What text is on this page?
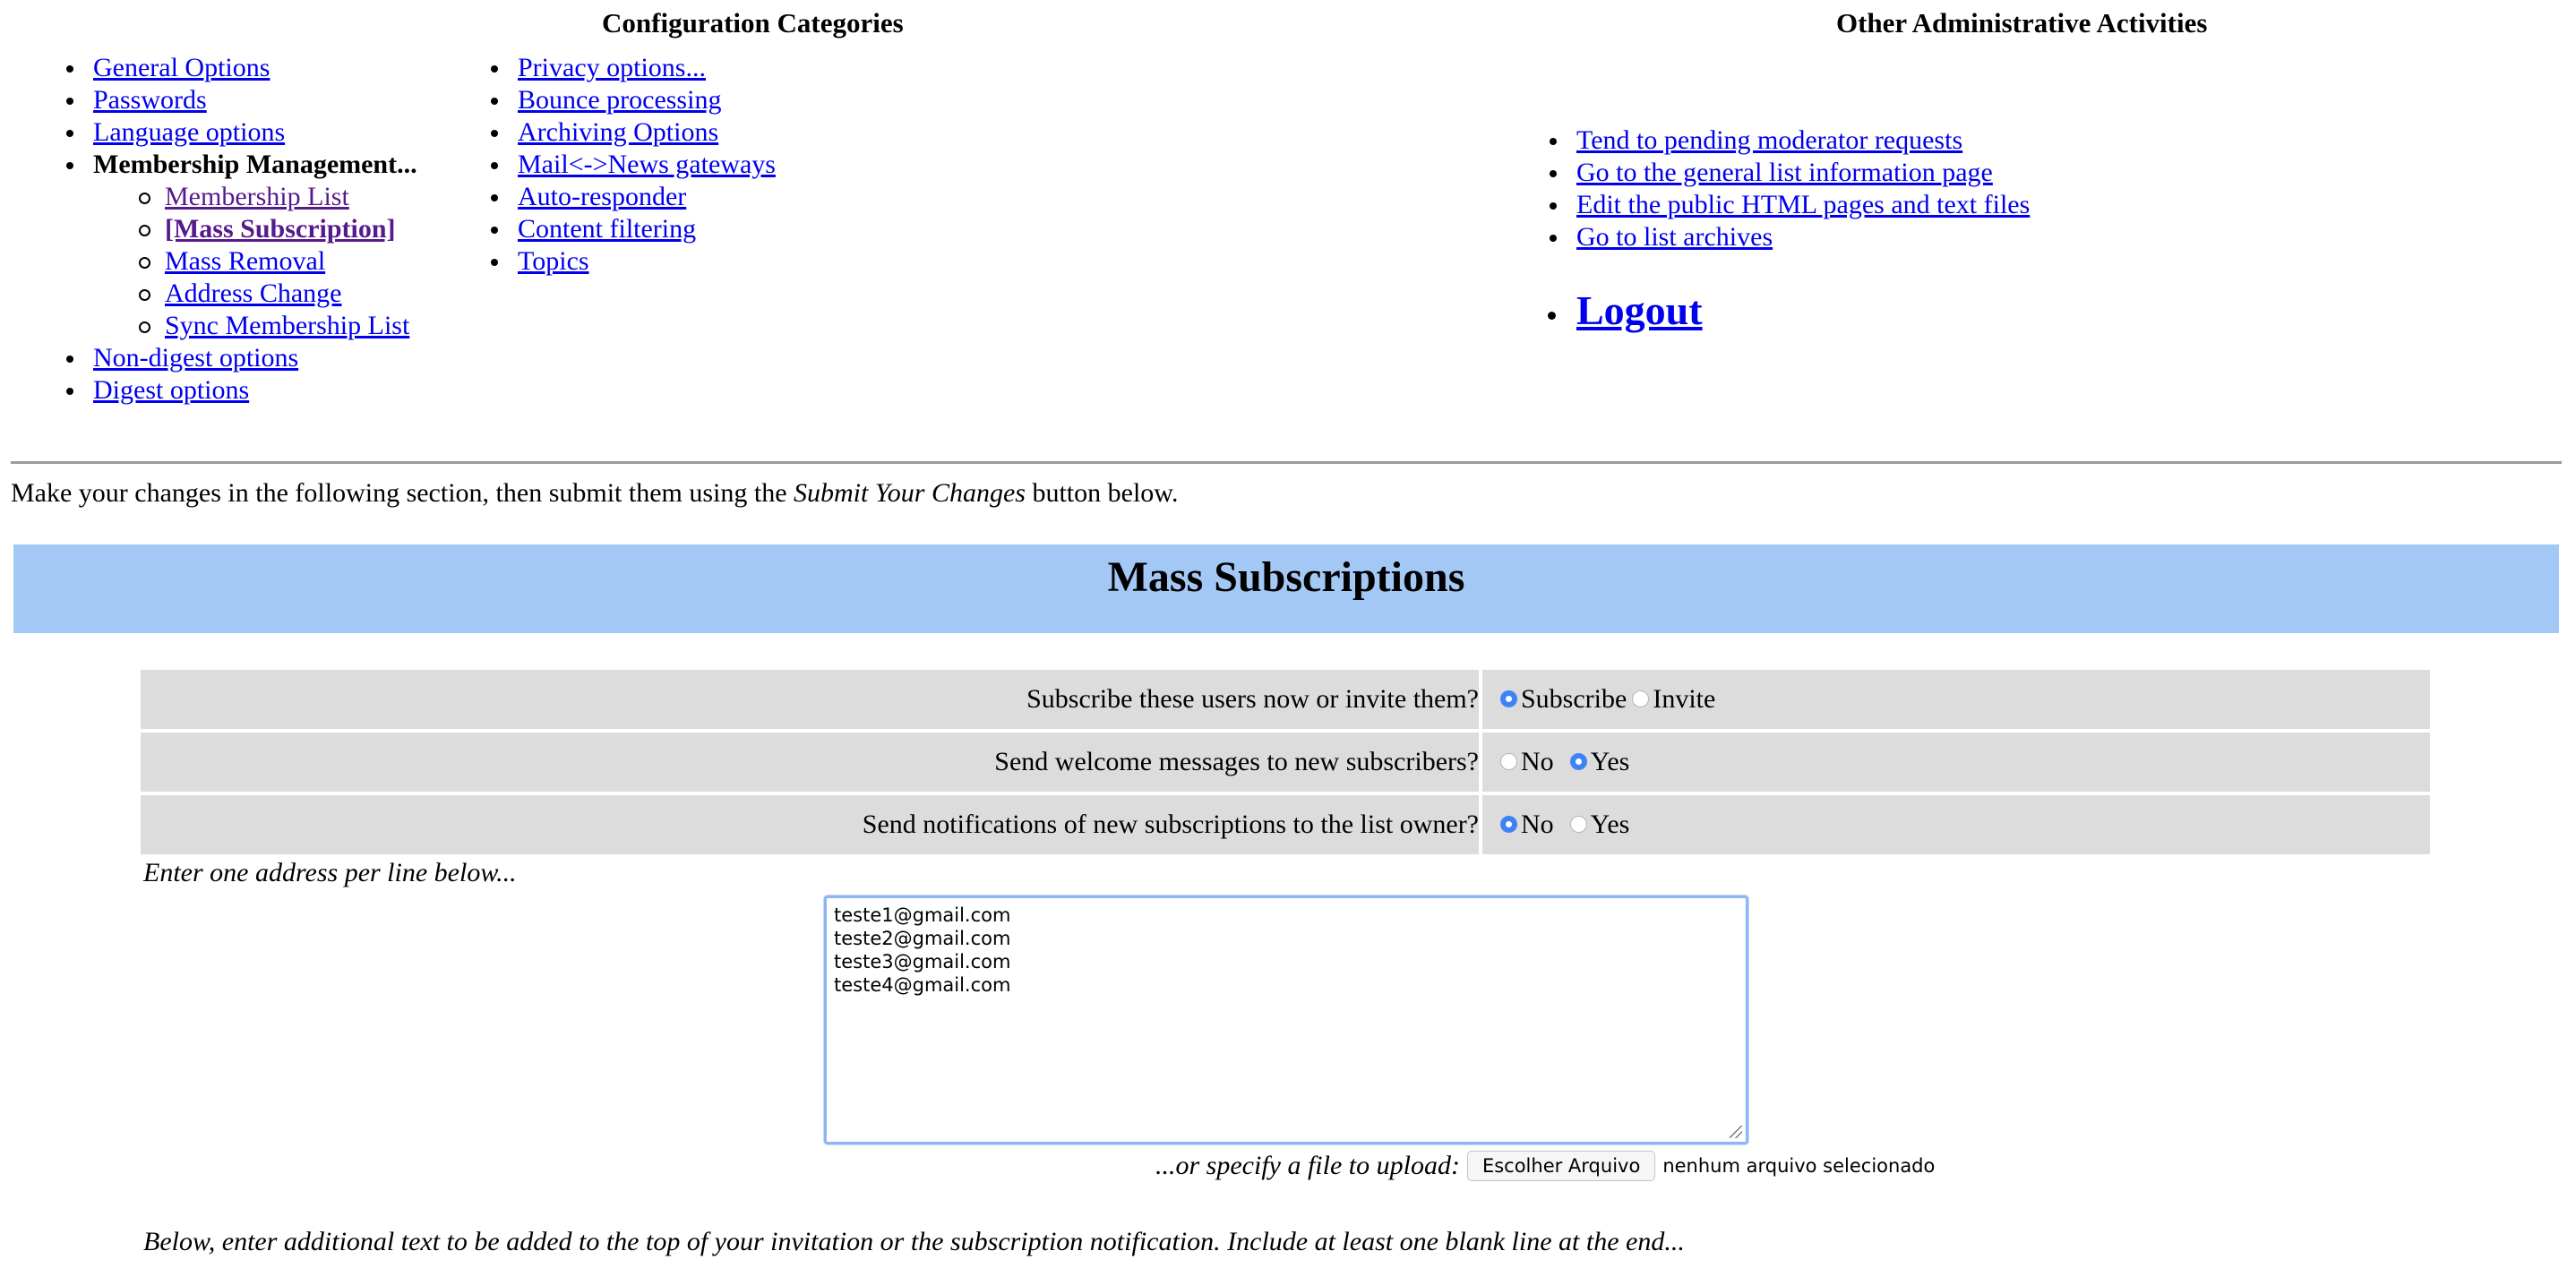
Configuration Categories	Other Administrative Activities
General Options
Passwords
Language options
Membership Management...
Membership List
[Mass Subscription]
Mass Removal
Address Change
Sync Membership List
Non-digest options
Digest options
Privacy options...
Bounce processing
Archiving Options
Mail<->News gateways
Auto-responder
Content filtering
Topics
Tend to pending moderator requests
Go to the general list information page
Edit the public HTML pages and text files
Go to list archives
Logout
Make your changes in the following section, then submit them using the Submit Your Changes button below.
Mass Subscriptions
Subscribe these users now or invite them?	Subscribe Invite
Send welcome messages to new subscribers?	No Yes
Send notifications of new subscriptions to the list owner?	No Yes
Enter one address per line below...
teste1@gmail.com
teste2@gmail.com
teste3@gmail.com
teste4@gmail.com
...or specify a file to upload: Escolher Arquivo nenhum arquivo selecionado
Below, enter additional text to be added to the top of your invitation or the subscription notification. Include at least one blank line at the end...
